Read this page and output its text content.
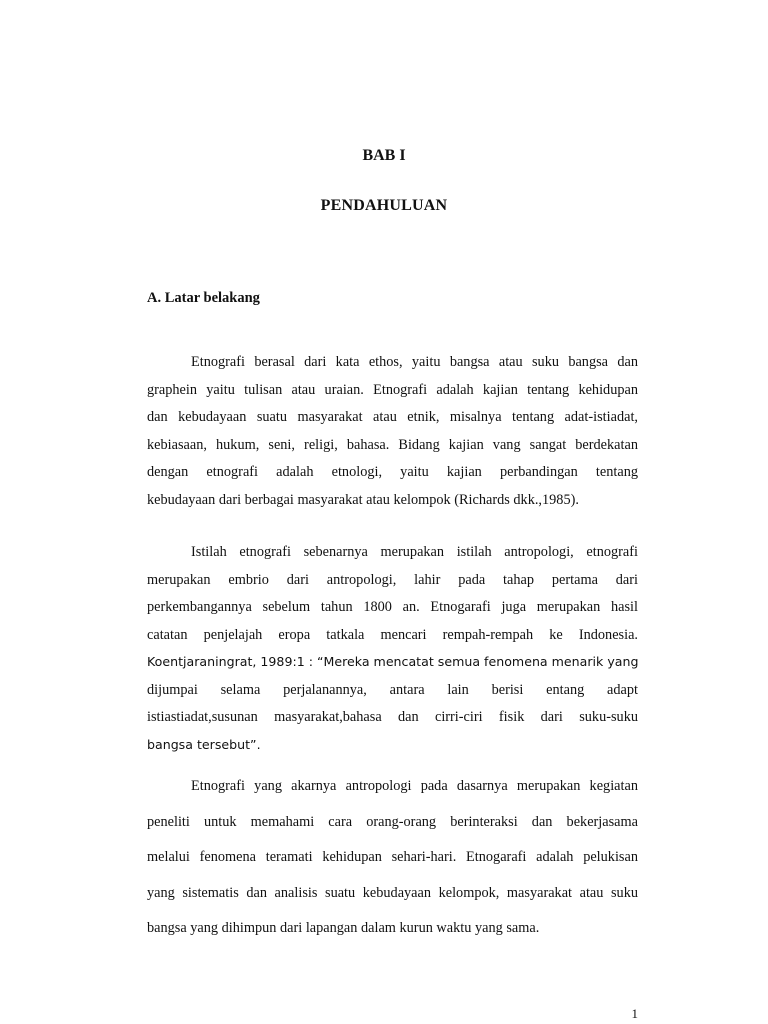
BAB I
PENDAHULUAN
A. Latar belakang
Etnografi berasal dari kata ethos, yaitu bangsa atau suku bangsa dan
graphein yaitu tulisan atau uraian. Etnografi adalah kajian tentang kehidupan
dan kebudayaan suatu masyarakat atau etnik, misalnya tentang adat-istiadat,
kebiasaan, hukum, seni, religi, bahasa. Bidang kajian vang sangat berdekatan
dengan etnografi adalah etnologi, yaitu kajian perbandingan tentang
kebudayaan dari berbagai masyarakat atau kelompok (Richards dkk.,1985).
Istilah etnografi sebenarnya merupakan istilah antropologi, etnografi
merupakan embrio dari antropologi, lahir pada tahap pertama dari
perkembangannya sebelum tahun 1800 an. Etnogarafi juga merupakan hasil
catatan penjelajah eropa tatkala mencari rempah-rempah ke Indonesia.
Koentjaraningrat, 1989:1 : “Mereka mencatat semua fenomena menarik yang
dijumpai selama perjalanannya, antara lain berisi entang adapt
istiastiadat,susunan masyarakat,bahasa dan cirri-ciri fisik dari suku-suku
bangsa tersebut”.
Etnografi yang akarnya antropologi pada dasarnya merupakan kegiatan
peneliti untuk memahami cara orang-orang berinteraksi dan bekerjasama
melalui fenomena teramati kehidupan sehari-hari. Etnogarafi adalah pelukisan
yang sistematis dan analisis suatu kebudayaan kelompok, masyarakat atau suku
bangsa yang dihimpun dari lapangan dalam kurun waktu yang sama.

1
